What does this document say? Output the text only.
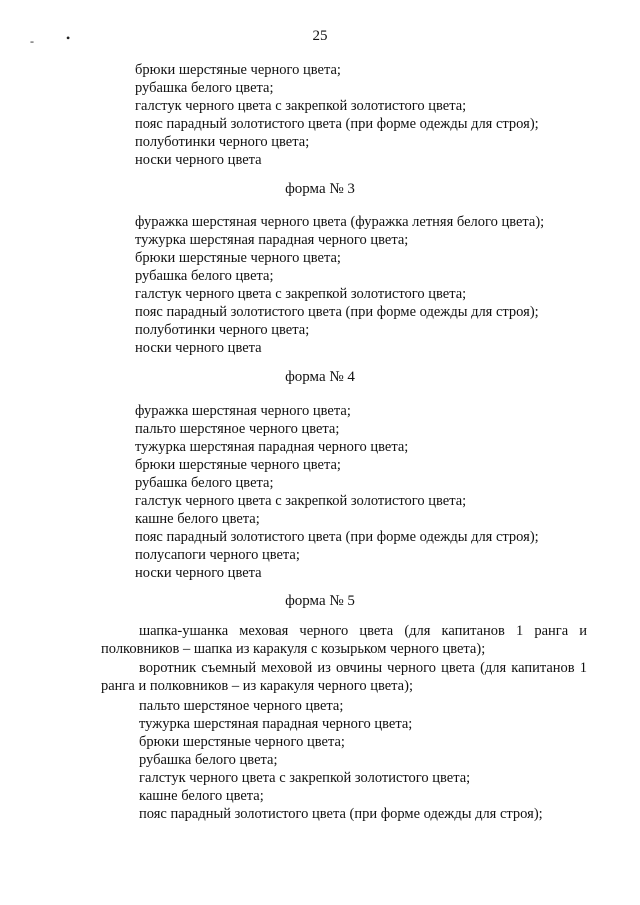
-	•	25
брюки шерстяные черного цвета;
рубашка белого цвета;
галстук черного цвета с закрепкой золотистого цвета;
пояс парадный золотистого цвета (при форме одежды для строя);
полуботинки черного цвета;
носки черного цвета
форма № 3
фуражка шерстяная черного цвета (фуражка летняя белого цвета);
тужурка шерстяная парадная черного цвета;
брюки шерстяные черного цвета;
рубашка белого цвета;
галстук черного цвета с закрепкой золотистого цвета;
пояс парадный золотистого цвета (при форме одежды для строя);
полуботинки черного цвета;
носки черного цвета
форма № 4
фуражка шерстяная черного цвета;
пальто шерстяное черного цвета;
тужурка шерстяная парадная черного цвета;
брюки шерстяные черного цвета;
рубашка белого цвета;
галстук черного цвета с закрепкой золотистого цвета;
кашне белого цвета;
пояс парадный золотистого цвета (при форме одежды для строя);
полусапоги черного цвета;
носки черного цвета
форма № 5
шапка-ушанка меховая черного цвета (для капитанов 1 ранга и полковников – шапка из каракуля с козырьком черного цвета);
воротник съемный меховой из овчины черного цвета (для капитанов 1 ранга и полковников – из каракуля черного цвета);
пальто шерстяное черного цвета;
тужурка шерстяная парадная черного цвета;
брюки шерстяные черного цвета;
рубашка белого цвета;
галстук черного цвета с закрепкой золотистого цвета;
кашне белого цвета;
пояс парадный золотистого цвета (при форме одежды для строя);
